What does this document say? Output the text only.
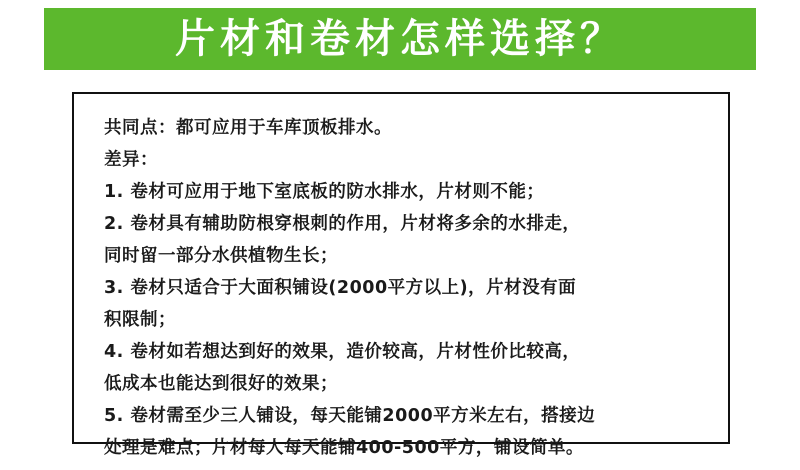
片材和卷材怎样选择？
共同点：都可应用于车库顶板排水。
差异：
1. 卷材可应用于地下室底板的防水排水，片材则不能；
2. 卷材具有辅助防根穿根刺的作用，片材将多余的水排走，
同时留一部分水供植物生长；
3. 卷材只适合于大面积铺设(2000平方以上)，片材没有面
积限制；
4. 卷材如若想达到好的效果，造价较高，片材性价比较高，
低成本也能达到很好的效果；
5. 卷材需至少三人铺设，每天能铺2000平方米左右，搭接边
处理是难点；片材每人每天能铺400-500平方，铺设简单。
